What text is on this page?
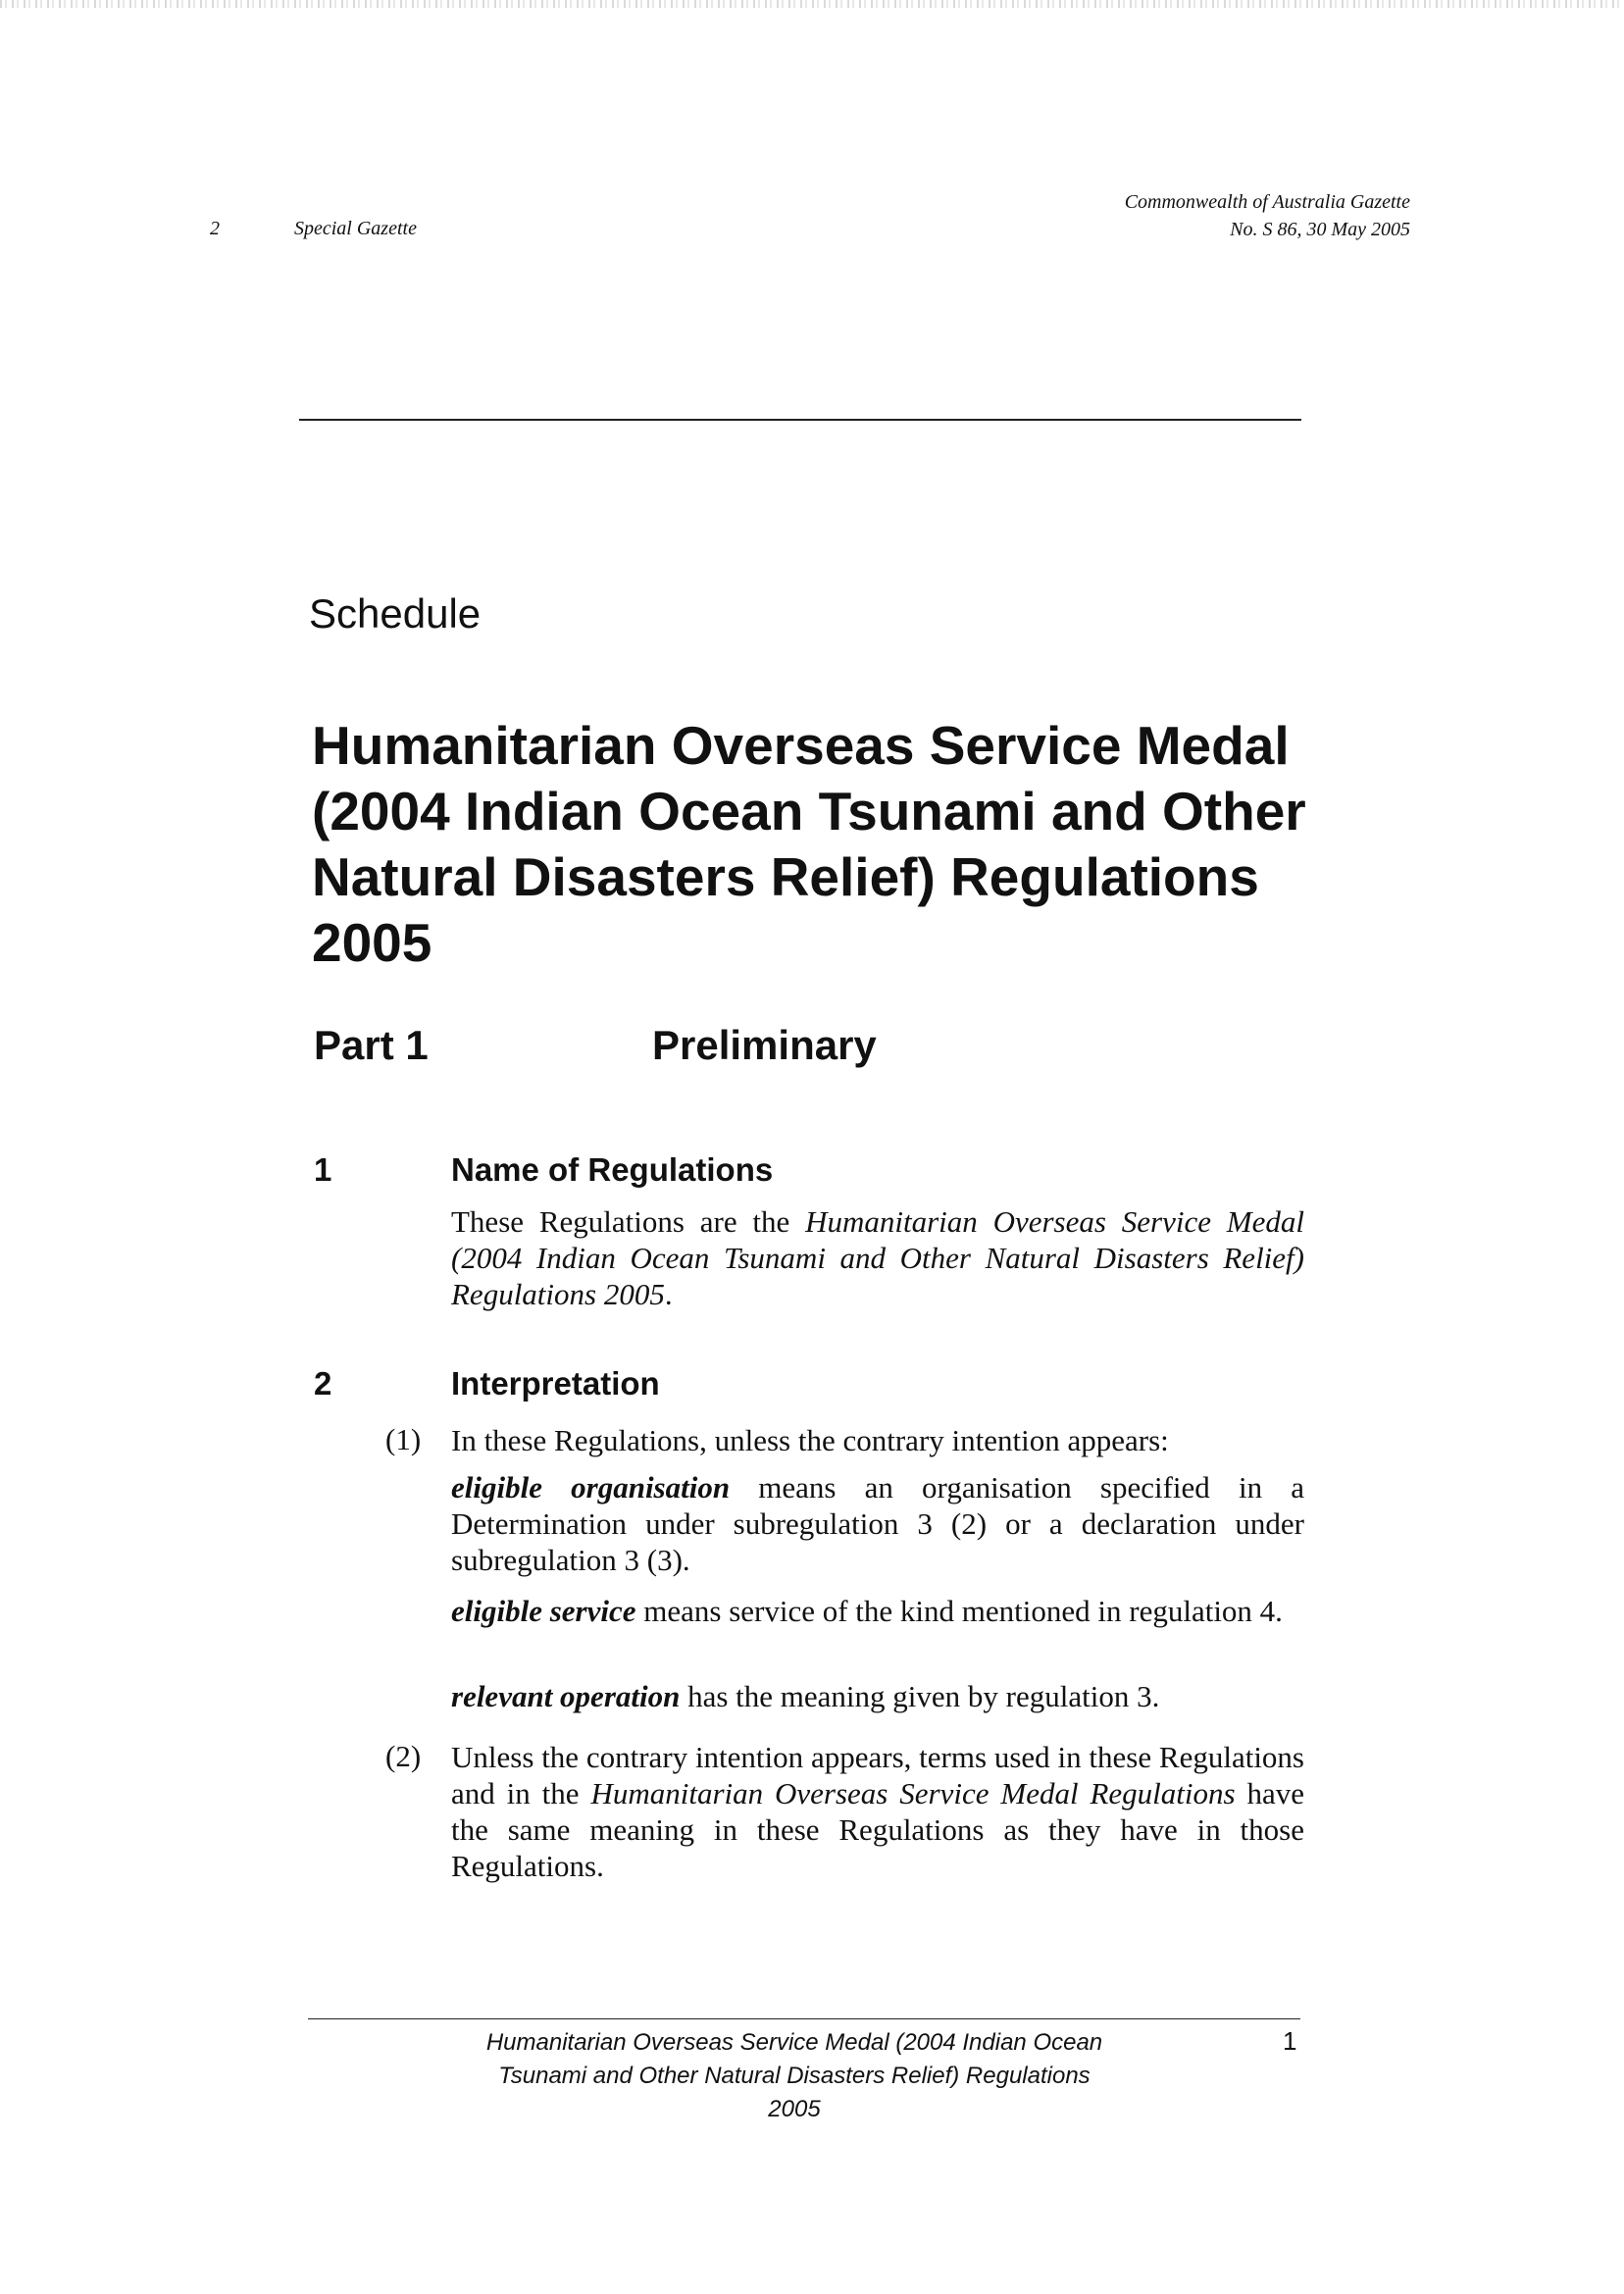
2	Special Gazette
Commonwealth of Australia Gazette
No. S 86, 30 May 2005
Schedule
Humanitarian Overseas Service Medal (2004 Indian Ocean Tsunami and Other Natural Disasters Relief) Regulations 2005
Part 1	Preliminary
1	Name of Regulations
These Regulations are the Humanitarian Overseas Service Medal (2004 Indian Ocean Tsunami and Other Natural Disasters Relief) Regulations 2005.
2	Interpretation
(1) In these Regulations, unless the contrary intention appears:
eligible organisation means an organisation specified in a Determination under subregulation 3 (2) or a declaration under subregulation 3 (3).
eligible service means service of the kind mentioned in regulation 4.
relevant operation has the meaning given by regulation 3.
(2) Unless the contrary intention appears, terms used in these Regulations and in the Humanitarian Overseas Service Medal Regulations have the same meaning in these Regulations as they have in those Regulations.
Humanitarian Overseas Service Medal (2004 Indian Ocean
Tsunami and Other Natural Disasters Relief) Regulations
2005
1
